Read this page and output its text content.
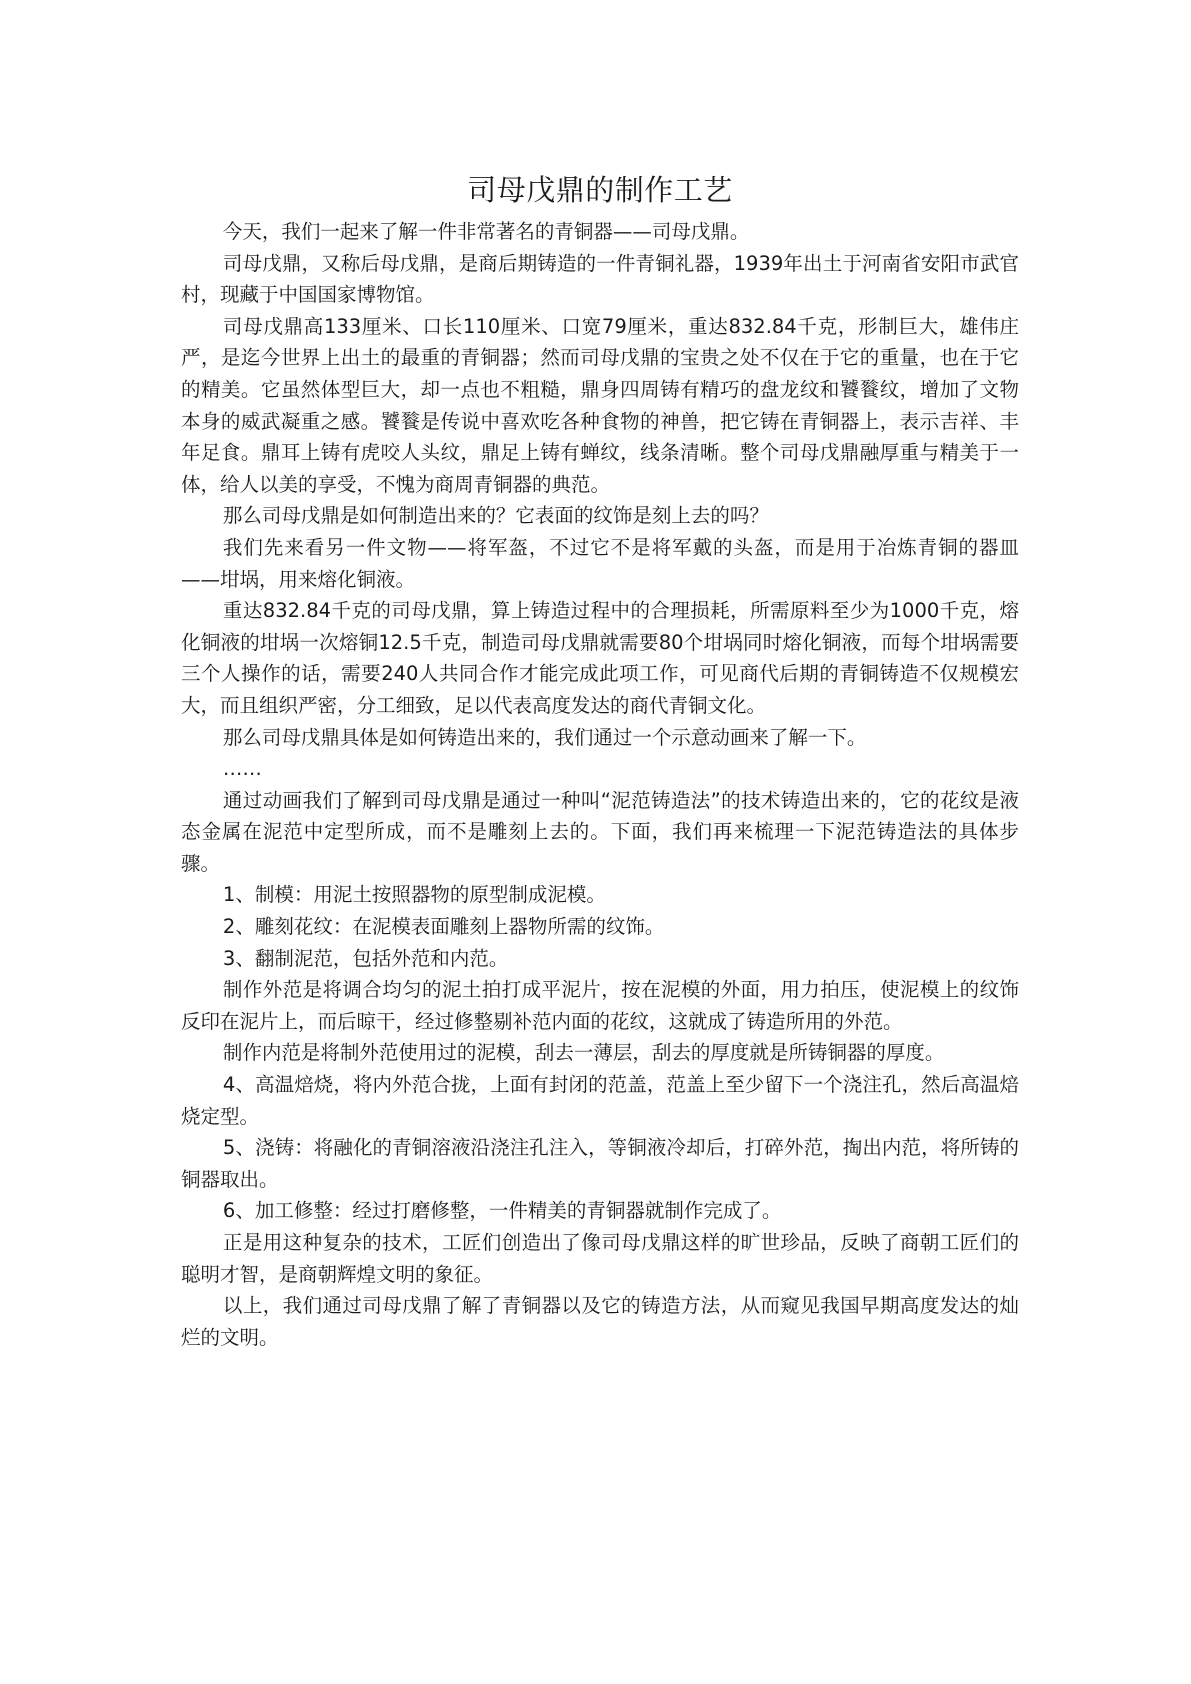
司母戊鼎的制作工艺

今天，我们一起来了解一件非常著名的青铜器——司母戊鼎。

司母戊鼎，又称后母戊鼎，是商后期铸造的一件青铜礼器，1939年出土于河南省安阳市武官村，现藏于中国国家博物馆。

司母戊鼎高133厘米、口长110厘米、口宽79厘米，重达832.84千克，形制巨大，雄伟庄严，是迄今世界上出土的最重的青铜器；然而司母戊鼎的宝贵之处不仅在于它的重量，也在于它的精美。它虽然体型巨大，却一点也不粗糙，鼎身四周铸有精巧的盘龙纹和饕餮纹，增加了文物本身的威武凝重之感。饕餮是传说中喜欢吃各种食物的神兽，把它铸在青铜器上，表示吉祥、丰年足食。鼎耳上铸有虎咬人头纹，鼎足上铸有蝉纹，线条清晰。整个司母戊鼎融厚重与精美于一体，给人以美的享受，不愧为商周青铜器的典范。

那么司母戊鼎是如何制造出来的？它表面的纹饰是刻上去的吗？

我们先来看另一件文物——将军盔，不过它不是将军戴的头盔，而是用于冶炼青铜的器皿——坩埚，用来熔化铜液。

重达832.84千克的司母戊鼎，算上铸造过程中的合理损耗，所需原料至少为1000千克，熔化铜液的坩埚一次熔铜12.5千克，制造司母戊鼎就需要80个坩埚同时熔化铜液，而每个坩埚需要三个人操作的话，需要240人共同合作才能完成此项工作，可见商代后期的青铜铸造不仅规模宏大，而且组织严密，分工细致，足以代表高度发达的商代青铜文化。

那么司母戊鼎具体是如何铸造出来的，我们通过一个示意动画来了解一下。

……

通过动画我们了解到司母戊鼎是通过一种叫“泥范铸造法”的技术铸造出来的，它的花纹是液态金属在泥范中定型所成，而不是雕刻上去的。下面，我们再来梳理一下泥范铸造法的具体步骤。

1、制模：用泥土按照器物的原型制成泥模。

2、雕刻花纹：在泥模表面雕刻上器物所需的纹饰。

3、翻制泥范，包括外范和内范。

制作外范是将调合均匀的泥土拍打成平泥片，按在泥模的外面，用力拍压，使泥模上的纹饰反印在泥片上，而后晾干，经过修整剔补范内面的花纹，这就成了铸造所用的外范。

制作内范是将制外范使用过的泥模，刮去一薄层，刮去的厚度就是所铸铜器的厚度。

4、高温焙烧，将内外范合拢，上面有封闭的范盖，范盖上至少留下一个浇注孔，然后高温焙烧定型。

5、浇铸：将融化的青铜溶液沿浇注孔注入，等铜液冷却后，打碎外范，掏出内范，将所铸的铜器取出。

6、加工修整：经过打磨修整，一件精美的青铜器就制作完成了。

正是用这种复杂的技术，工匠们创造出了像司母戊鼎这样的旷世珍品，反映了商朝工匠们的聪明才智，是商朝辉煌文明的象征。

以上，我们通过司母戊鼎了解了青铜器以及它的铸造方法，从而窥见我国早期高度发达的灿烂的文明。
